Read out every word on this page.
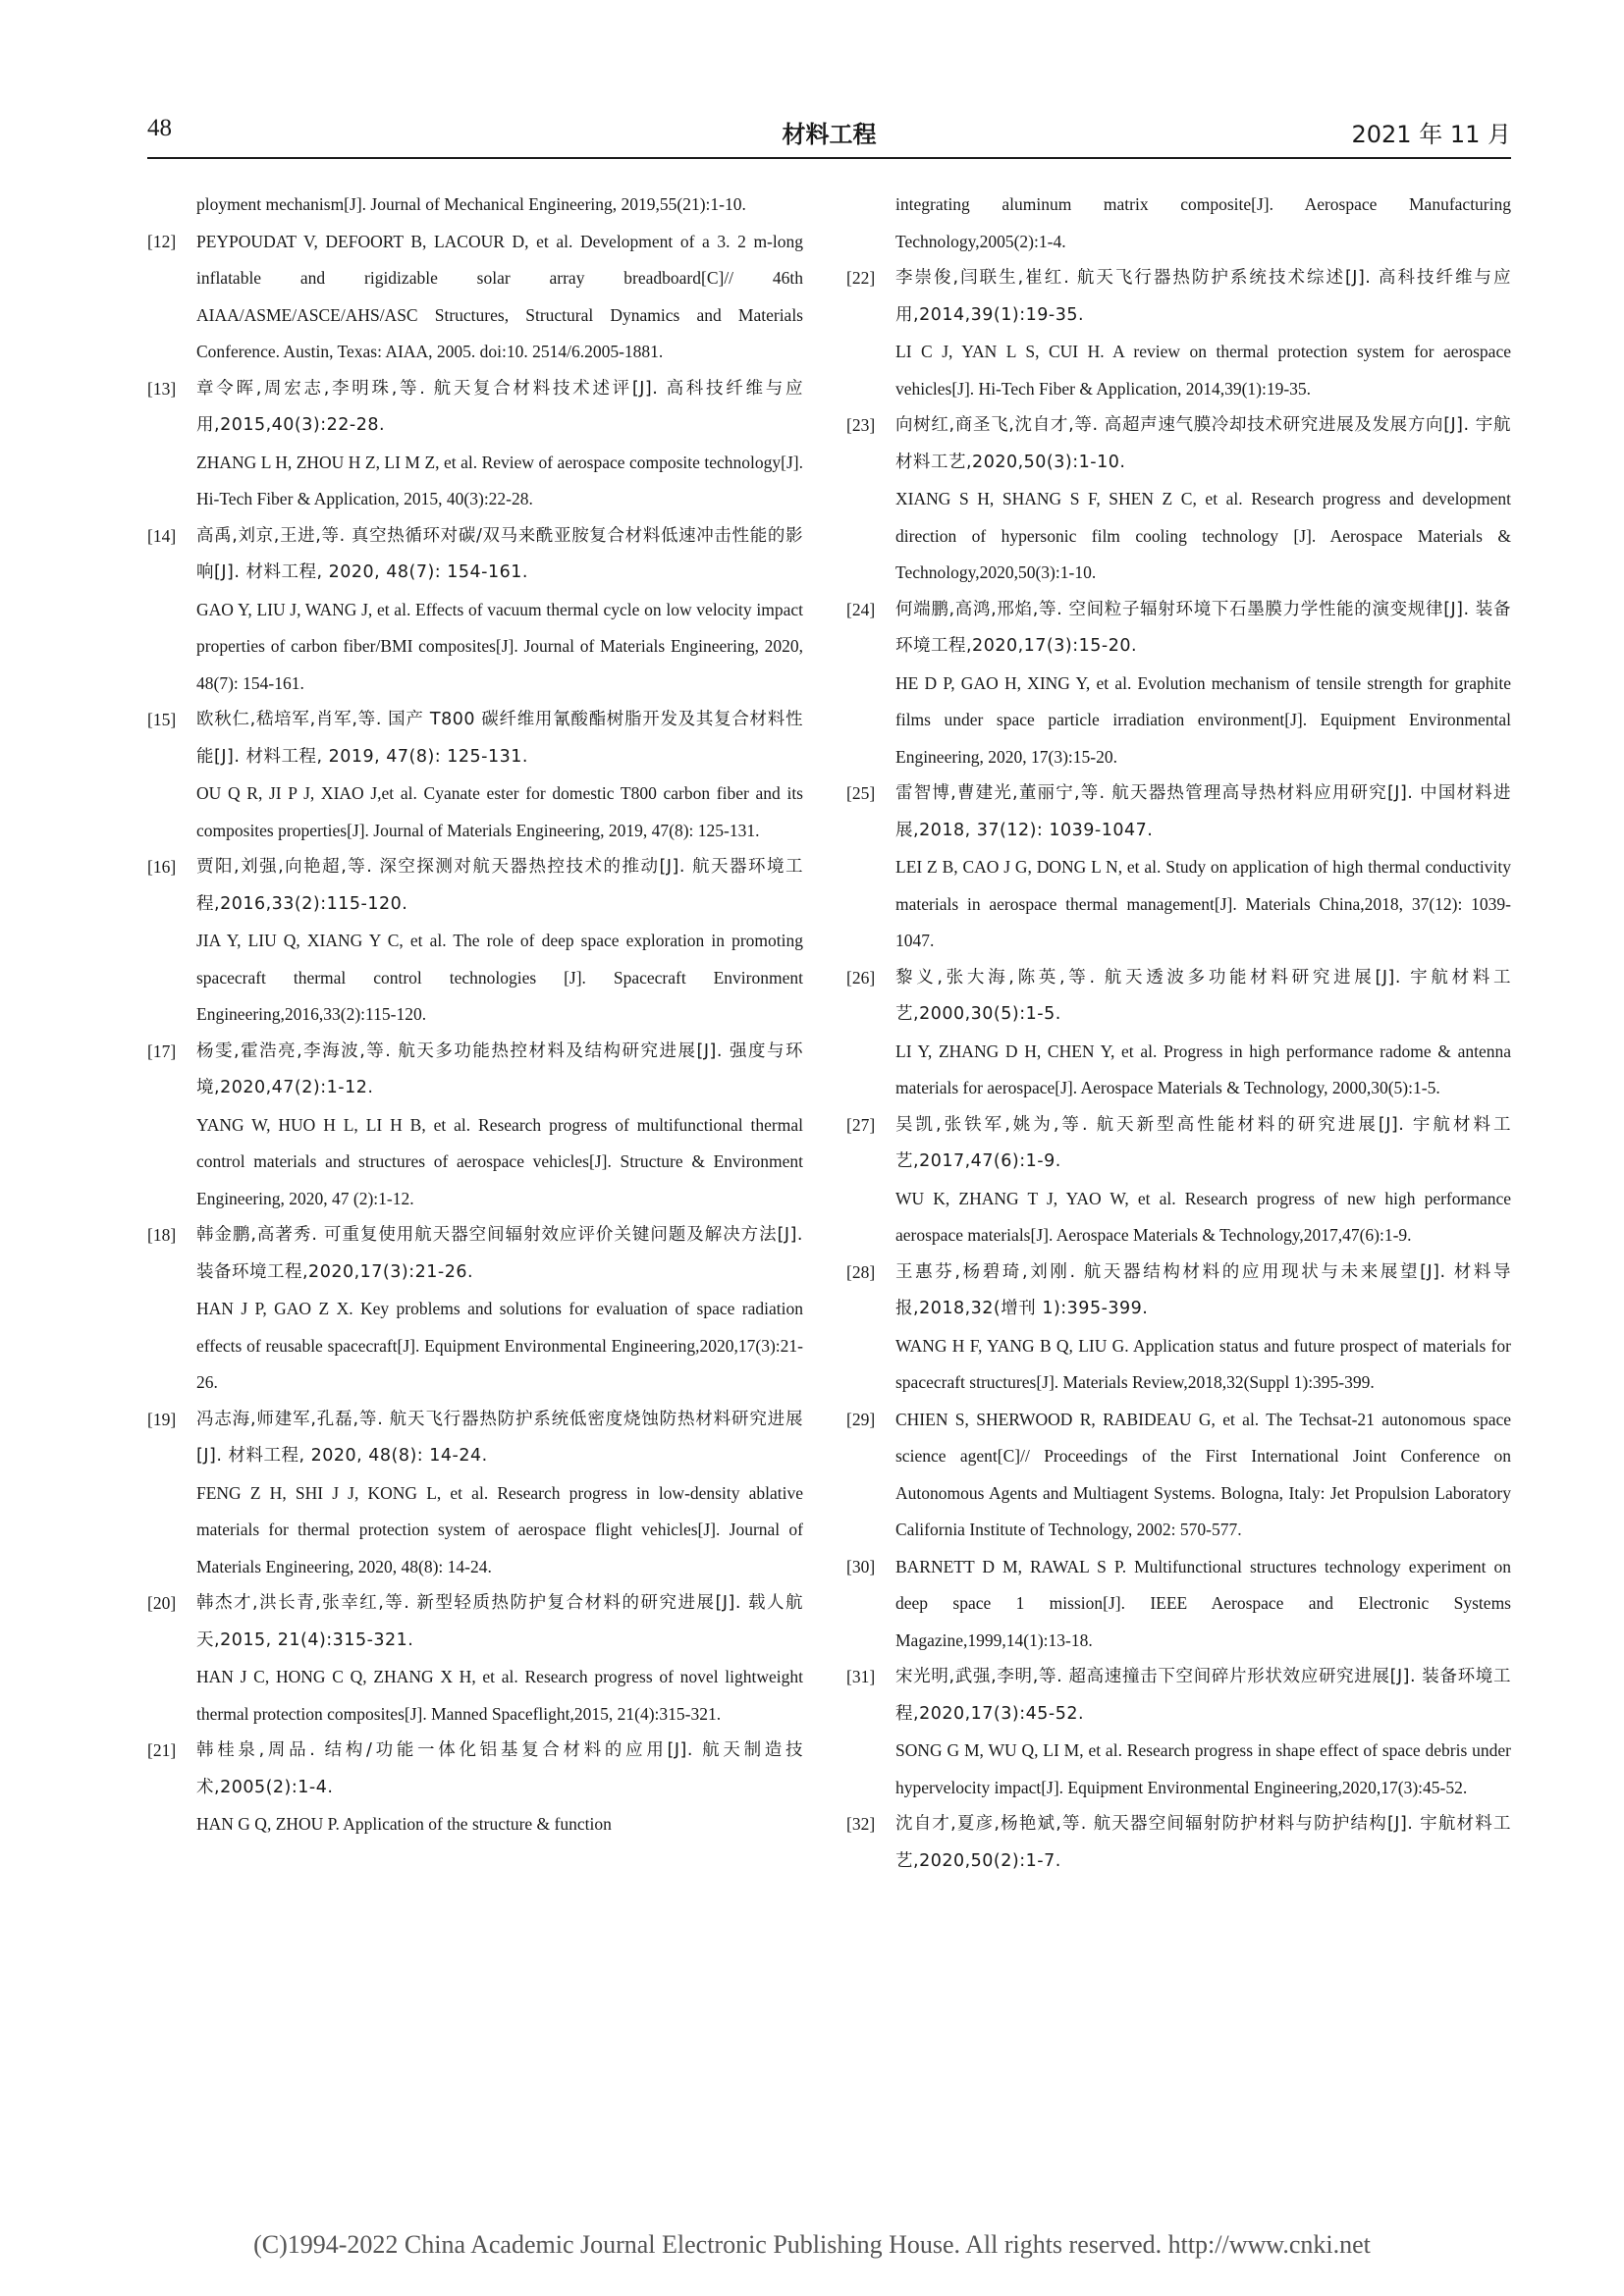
48	材料工程	2021 年 11 月

ployment mechanism[J]. Journal of Mechanical Engineering, 2019,55(21):1-10.

[12] PEYPOUDAT V, DEFOORT B, LACOUR D, et al. Development of a 3. 2 m-long inflatable and rigidizable solar array breadboard[C]// 46th AIAA/ASME/ASCE/AHS/ASC Structures, Structural Dynamics and Materials Conference. Austin, Texas: AIAA, 2005. doi:10. 2514/6.2005-1881.

[13] 章令晖,周宏志,李明珠,等. 航天复合材料技术述评[J]. 高科技纤维与应用,2015,40(3):22-28.

ZHANG L H, ZHOU H Z, LI M Z, et al. Review of aerospace composite technology[J]. Hi-Tech Fiber & Application, 2015, 40(3):22-28.

[14] 高禹,刘京,王进,等. 真空热循环对碳/双马来酰亚胺复合材料低速冲击性能的影响[J]. 材料工程, 2020, 48(7): 154-161.

GAO Y, LIU J, WANG J, et al. Effects of vacuum thermal cycle on low velocity impact properties of carbon fiber/BMI composites[J]. Journal of Materials Engineering, 2020, 48(7): 154-161.

[15] 欧秋仁,嵇培军,肖军,等. 国产 T800 碳纤维用氰酸酯树脂开发及其复合材料性能[J]. 材料工程, 2019, 47(8): 125-131.

OU Q R, JI P J, XIAO J,et al. Cyanate ester for domestic T800 carbon fiber and its composites properties[J]. Journal of Materials Engineering, 2019, 47(8): 125-131.

[16] 贾阳,刘强,向艳超,等. 深空探测对航天器热控技术的推动[J]. 航天器环境工程,2016,33(2):115-120.

JIA Y, LIU Q, XIANG Y C, et al. The role of deep space exploration in promoting spacecraft thermal control technologies [J]. Spacecraft Environment Engineering,2016,33(2):115-120.

[17] 杨雯,霍浩亮,李海波,等. 航天多功能热控材料及结构研究进展[J]. 强度与环境,2020,47(2):1-12.

YANG W, HUO H L, LI H B, et al. Research progress of multifunctional thermal control materials and structures of aerospace vehicles[J]. Structure & Environment Engineering, 2020, 47 (2):1-12.

[18] 韩金鹏,高著秀. 可重复使用航天器空间辐射效应评价关键问题及解决方法[J]. 装备环境工程,2020,17(3):21-26.

HAN J P, GAO Z X. Key problems and solutions for evaluation of space radiation effects of reusable spacecraft[J]. Equipment Environmental Engineering,2020,17(3):21-26.

[19] 冯志海,师建军,孔磊,等. 航天飞行器热防护系统低密度烧蚀防热材料研究进展[J]. 材料工程, 2020, 48(8): 14-24.

FENG Z H, SHI J J, KONG L, et al. Research progress in low-density ablative materials for thermal protection system of aerospace flight vehicles[J]. Journal of Materials Engineering, 2020, 48(8): 14-24.

[20] 韩杰才,洪长青,张幸红,等. 新型轻质热防护复合材料的研究进展[J]. 载人航天,2015, 21(4):315-321.

HAN J C, HONG C Q, ZHANG X H, et al. Research progress of novel lightweight thermal protection composites[J]. Manned Spaceflight,2015, 21(4):315-321.

[21] 韩桂泉,周品. 结构/功能一体化铝基复合材料的应用[J]. 航天制造技术,2005(2):1-4.

HAN G Q, ZHOU P. Application of the structure & function

integrating aluminum matrix composite[J]. Aerospace Manufacturing Technology,2005(2):1-4.

[22] 李崇俊,闫联生,崔红. 航天飞行器热防护系统技术综述[J]. 高科技纤维与应用,2014,39(1):19-35.

LI C J, YAN L S, CUI H. A review on thermal protection system for aerospace vehicles[J]. Hi-Tech Fiber & Application, 2014,39(1):19-35.

[23] 向树红,商圣飞,沈自才,等. 高超声速气膜冷却技术研究进展及发展方向[J]. 宇航材料工艺,2020,50(3):1-10.

XIANG S H, SHANG S F, SHEN Z C, et al. Research progress and development direction of hypersonic film cooling technology [J]. Aerospace Materials & Technology,2020,50(3):1-10.

[24] 何端鹏,高鸿,邢焰,等. 空间粒子辐射环境下石墨膜力学性能的演变规律[J]. 装备环境工程,2020,17(3):15-20.

HE D P, GAO H, XING Y, et al. Evolution mechanism of tensile strength for graphite films under space particle irradiation environment[J]. Equipment Environmental Engineering, 2020, 17(3):15-20.

[25] 雷智博,曹建光,董丽宁,等. 航天器热管理高导热材料应用研究[J]. 中国材料进展,2018, 37(12): 1039-1047.

LEI Z B, CAO J G, DONG L N, et al. Study on application of high thermal conductivity materials in aerospace thermal management[J]. Materials China,2018, 37(12): 1039-1047.

[26] 黎义,张大海,陈英,等. 航天透波多功能材料研究进展[J]. 宇航材料工艺,2000,30(5):1-5.

LI Y, ZHANG D H, CHEN Y, et al. Progress in high performance radome & antenna materials for aerospace[J]. Aerospace Materials & Technology, 2000,30(5):1-5.

[27] 吴凯,张铁军,姚为,等. 航天新型高性能材料的研究进展[J]. 宇航材料工艺,2017,47(6):1-9.

WU K, ZHANG T J, YAO W, et al. Research progress of new high performance aerospace materials[J]. Aerospace Materials & Technology,2017,47(6):1-9.

[28] 王惠芬,杨碧琦,刘刚. 航天器结构材料的应用现状与未来展望[J]. 材料导报,2018,32(增刊 1):395-399.

WANG H F, YANG B Q, LIU G. Application status and future prospect of materials for spacecraft structures[J]. Materials Review,2018,32(Suppl 1):395-399.

[29] CHIEN S, SHERWOOD R, RABIDEAU G, et al. The Techsat-21 autonomous space science agent[C]// Proceedings of the First International Joint Conference on Autonomous Agents and Multiagent Systems. Bologna, Italy: Jet Propulsion Laboratory California Institute of Technology, 2002: 570-577.

[30] BARNETT D M, RAWAL S P. Multifunctional structures technology experiment on deep space 1 mission[J]. IEEE Aerospace and Electronic Systems Magazine,1999,14(1):13-18.

[31] 宋光明,武强,李明,等. 超高速撞击下空间碎片形状效应研究进展[J]. 装备环境工程,2020,17(3):45-52.

SONG G M, WU Q, LI M, et al. Research progress in shape effect of space debris under hypervelocity impact[J]. Equipment Environmental Engineering,2020,17(3):45-52.

[32] 沈自才,夏彦,杨艳斌,等. 航天器空间辐射防护材料与防护结构[J]. 宇航材料工艺,2020,50(2):1-7.

(C)1994-2022 China Academic Journal Electronic Publishing House. All rights reserved. http://www.cnki.net
